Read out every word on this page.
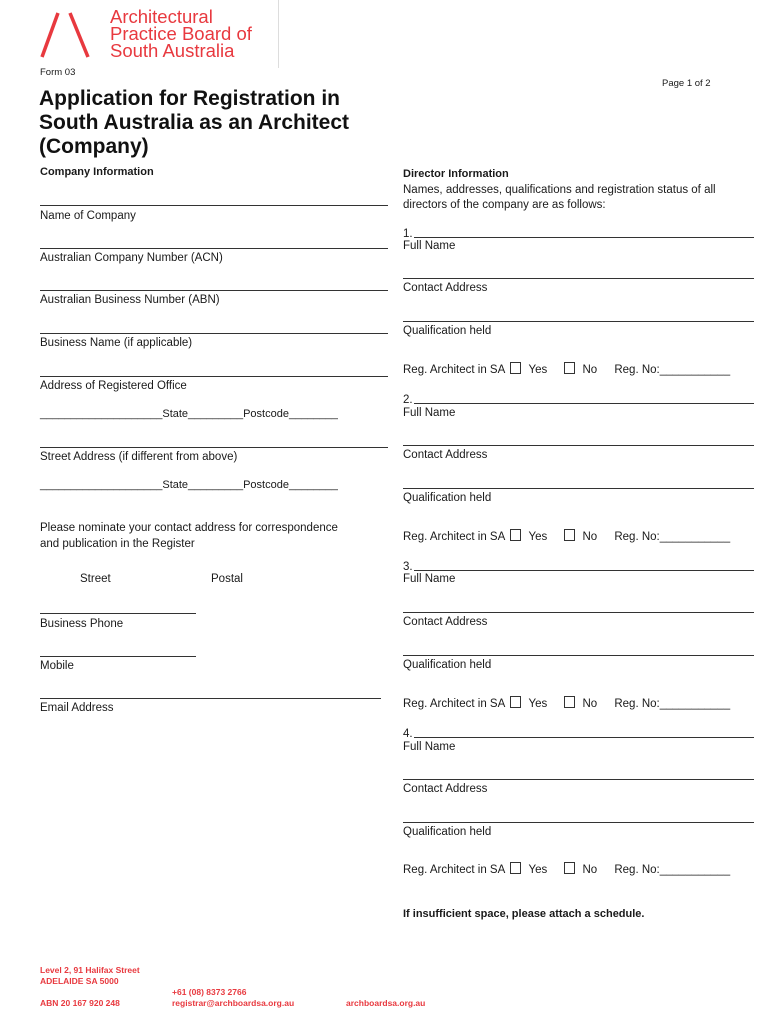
Architectural
Practice Board of
South Australia
Form 03
Page 1 of 2
Application for Registration in
South Australia as an Architect
(Company)
Company Information
Name of Company
Australian Company Number (ACN)
Australian Business Number (ABN)
Business Name (if applicable)
Address of Registered Office
____________________State_________Postcode________
Street Address (if different from above)
____________________State_________Postcode________
Please nominate your contact address for correspondence
and publication in the Register
Street	Postal
Business Phone
Mobile
Email Address
Director Information
Names, addresses, qualifications and registration status of all
directors of the company are as follows:
1.
Full Name
Contact Address
Qualification held
Reg. Architect in SA Yes	No Reg. No:___________
2.
Full Name
Contact Address
Qualification held
Reg. Architect in SA Yes	No Reg. No:___________
3.
Full Name
Contact Address
Qualification held
Reg. Architect in SA Yes	No Reg. No:___________
4.
Full Name
Contact Address
Qualification held
Reg. Architect in SA Yes	No Reg. No:___________
If insufficient space, please attach a schedule.
Level 2, 91 Halifax Street
ADELAIDE SA 5000
ABN 20 167 920 248
+61 (08) 8373 2766
registrar@archboardsa.org.au	archboardsa.org.au
